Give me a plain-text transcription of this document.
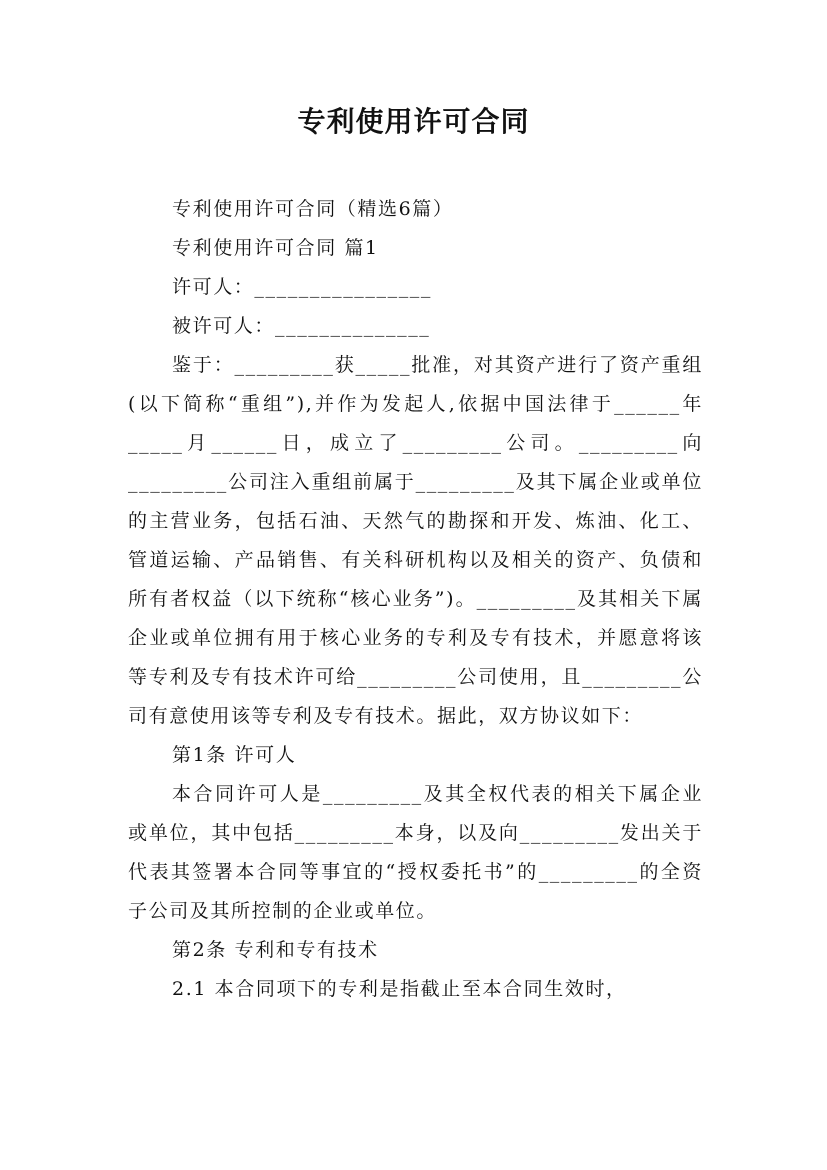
专利使用许可合同

专利使用许可合同（精选6篇）

专利使用许可合同 篇1

许可人：________________

被许可人：______________

鉴于：_________获_____批准，对其资产进行了资产重组(以下简称“重组”),并作为发起人,依据中国法律于______年_____月______日，成立了_________公司。_________向_________公司注入重组前属于_________及其下属企业或单位的主营业务，包括石油、天然气的勘探和开发、炼油、化工、管道运输、产品销售、有关科研机构以及相关的资产、负债和所有者权益（以下统称“核心业务”)。_________及其相关下属企业或单位拥有用于核心业务的专利及专有技术，并愿意将该等专利及专有技术许可给_________公司使用，且_________公司有意使用该等专利及专有技术。据此，双方协议如下：

第1条 许可人

本合同许可人是_________及其全权代表的相关下属企业或单位，其中包括_________本身，以及向_________发出关于代表其签署本合同等事宜的“授权委托书”的_________的全资子公司及其所控制的企业或单位。

第2条 专利和专有技术

2.1 本合同项下的专利是指截止至本合同生效时，
